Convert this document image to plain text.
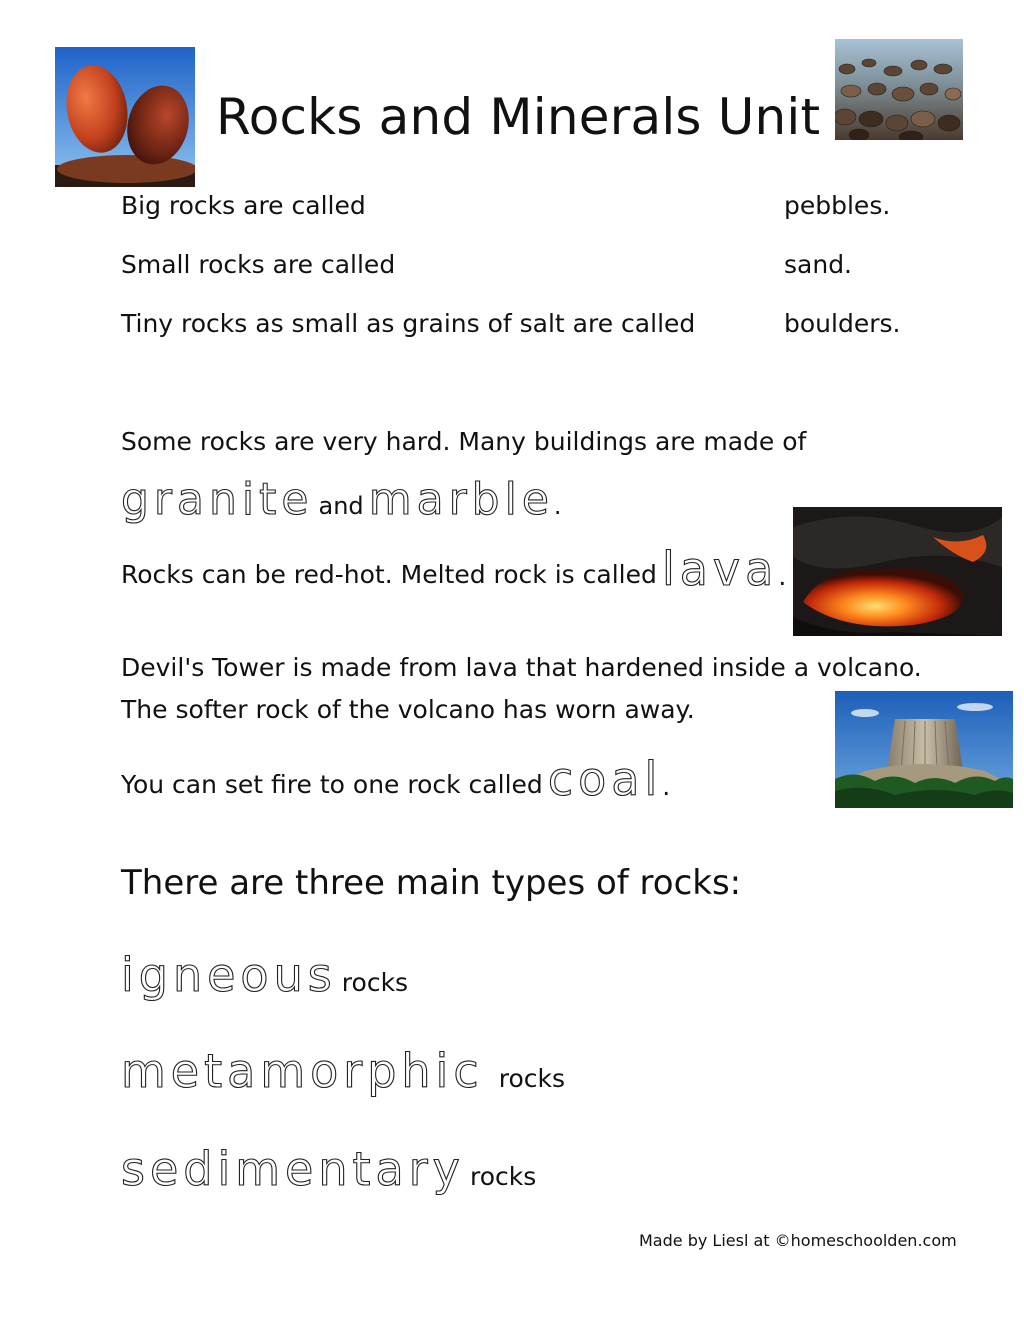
Rocks and Minerals Unit
Big rocks are called
Small rocks are called
Tiny rocks as small as grains of salt are called
pebbles.
sand.
boulders.
Some rocks are very hard. Many buildings are made of
granite and marble.
Rocks can be red-hot. Melted rock is called lava.
Devil's Tower is made from lava that hardened inside a volcano.
The softer rock of the volcano has worn away.
You can set fire to one rock called coal.
There are three main types of rocks:
igneous rocks
metamorphic rocks
sedimentary rocks
Made by Liesl at ©homeschoolden.com
